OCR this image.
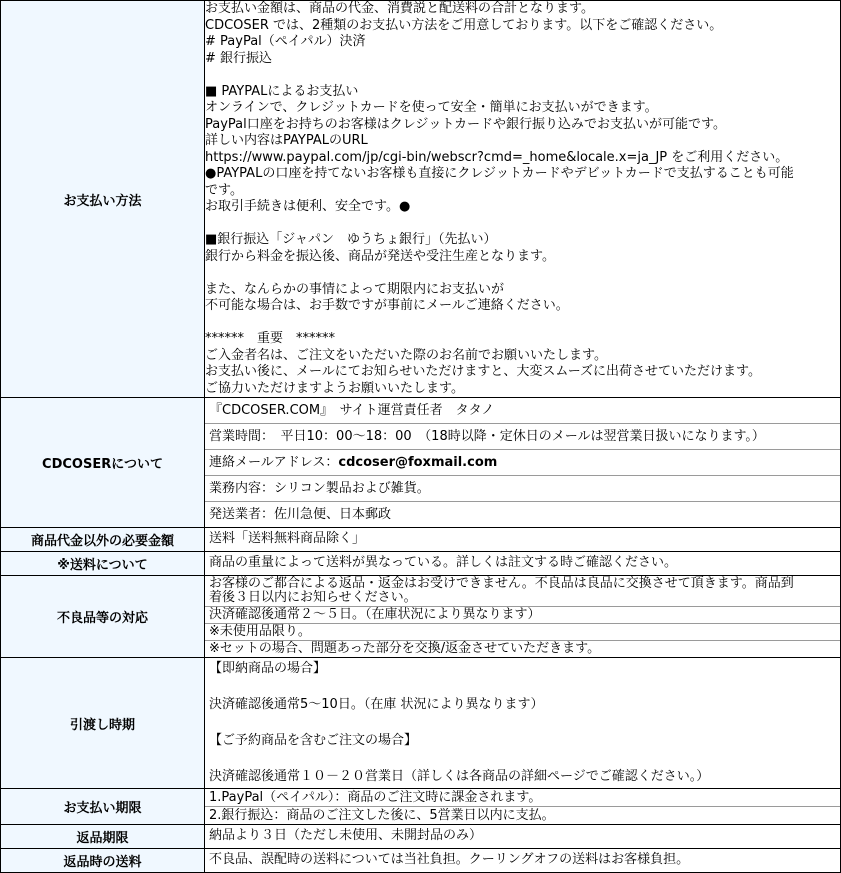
お支払い方法	
お支払い金額は、商品の代金、消費説と配送料の合計となります。
CDCOSER では、2種類のお支払い方法をご用意しております。以下をご確認ください。
# PayPal（ペイパル）決済
# 銀行振込
■ PAYPALによるお支払い
オンラインで、クレジットカードを使って安全・簡単にお支払いができます。
PayPal口座をお持ちのお客様はクレジットカードや銀行振り込みでお支払いが可能です。
詳しい内容はPAYPALのURL
https://www.paypal.com/jp/cgi-bin/webscr?cmd=_home&locale.x=ja_JP をご利用ください。
●PAYPALの口座を持てないお客様も直接にクレジットカードやデビットカードで支払することも可能
です。
お取引手続きは便利、安全です。●
■銀行振込「ジャパン　ゆうちょ銀行」（先払い）
銀行から料金を振込後、商品が発送や受注生産となります。
また、なんらかの事情によって期限内にお支払いが
不可能な場合は、お手数ですが事前にメールご連絡ください。
******　重要　******
ご入金者名は、ご注文をいただいた際のお名前でお願いいたします。
お支払い後に、メールにてお知らせいただけますと、大変スムーズに出荷させていただけます。
ご協力いただけますようお願いいたします。

CDCOSERについて	『CDCOSER.COM』　サイト運営責任者　タタノ
営業時間：　平日10：00～18：00　（18時以降・定休日のメールは翌営業日扱いになります。）
連絡メールアドレス：cdcoser@foxmail.com
業務内容：シリコン製品および雑貨。
発送業者：佐川急便、日本郵政

商品代金以外の必要金額	送料「送料無料商品除く」

※送料について	商品の重量によって送料が異なっている。詳しくは註文する時ご確認ください。

不良品等の対応	お客様のご都合による返品・返金はお受けできません。不良品は良品に交換させて頂きます。商品到
着後３日以内にお知らせください。
決済確認後通常２～５日。（在庫状況により異なります）
※未使用品限り。
※セットの場合、問題あった部分を交換/返金させていただきます。

引渡し時期	【即納商品の場合】
決済確認後通常5～10日。（在庫 状況により異なります）
【ご予約商品を含むご注文の場合】
決済確認後通常１０－２０営業日（詳しくは各商品の詳細ページでご確認ください。）

お支払い期限	1.PayPal（ペイパル）：商品のご注文時に課金されます。
2.銀行振込：商品のご注文した後に、5営業日以内に支払。

返品期限	納品より３日（ただし未使用、未開封品のみ）

返品時の送料	不良品、誤配時の送料については当社負担。クーリングオフの送料はお客様負担。
